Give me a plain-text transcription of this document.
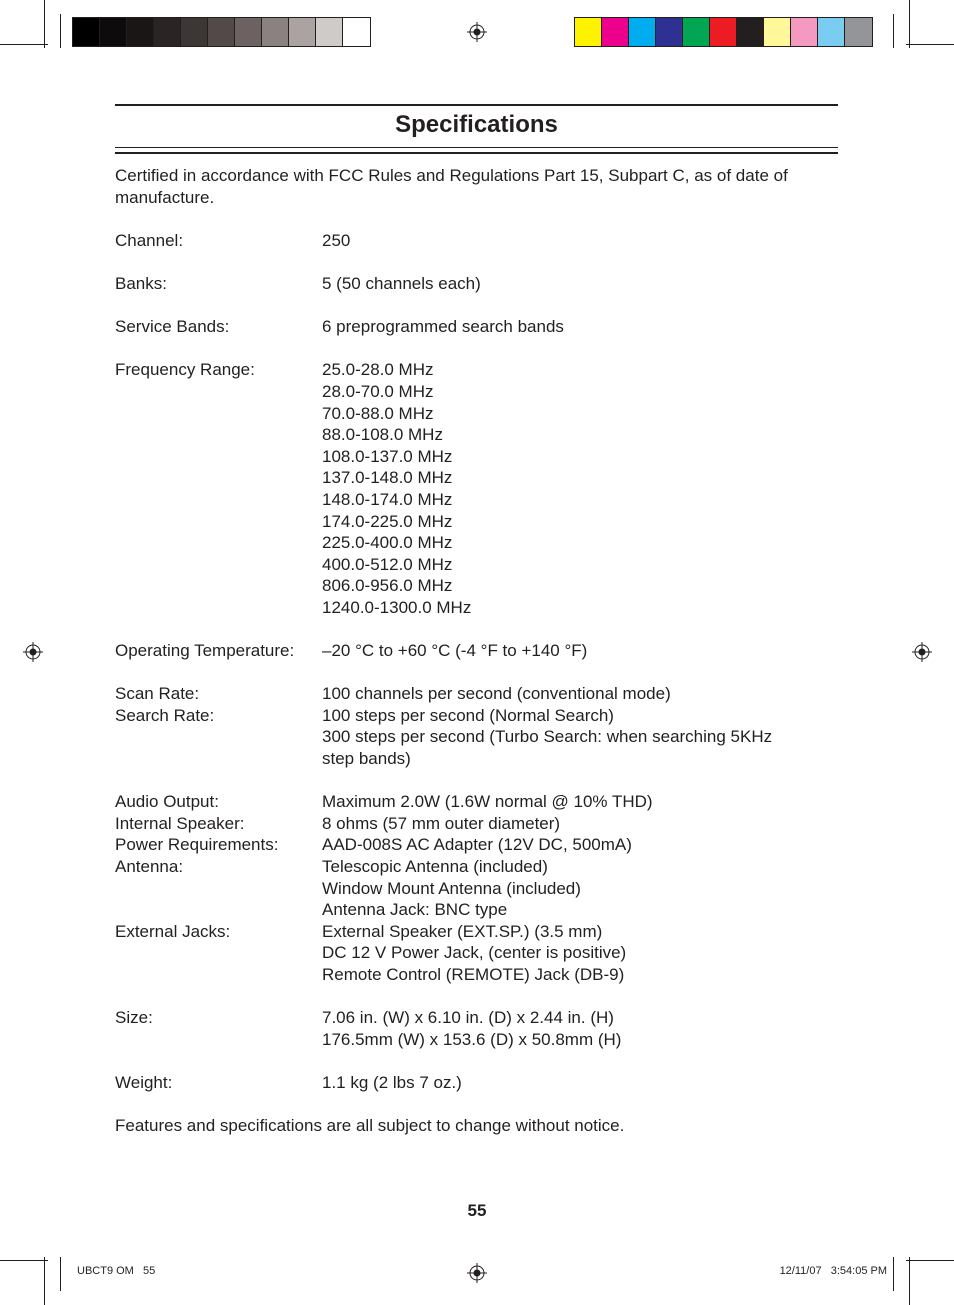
Specifications

Certified in accordance with FCC Rules and Regulations Part 15, Subpart C, as of date of manufacture.

Channel:	250
Banks:	5 (50 channels each)
Service Bands:	6 preprogrammed search bands
Frequency Range:	25.0-28.0 MHz
28.0-70.0 MHz
70.0-88.0 MHz
88.0-108.0 MHz
108.0-137.0 MHz
137.0-148.0 MHz
148.0-174.0 MHz
174.0-225.0 MHz
225.0-400.0 MHz
400.0-512.0 MHz
806.0-956.0 MHz
1240.0-1300.0 MHz
Operating Temperature:	–20 °C to +60 °C (-4 °F to +140 °F)
Scan Rate:	100 channels per second (conventional mode)
Search Rate:	100 steps per second (Normal Search)
300 steps per second (Turbo Search: when searching 5KHz
step bands)
Audio Output:	Maximum 2.0W (1.6W normal @ 10% THD)
Internal Speaker:	8 ohms (57 mm outer diameter)
Power Requirements:	AAD-008S AC Adapter (12V DC, 500mA)
Antenna:	Telescopic Antenna (included)
Window Mount Antenna (included)
Antenna Jack: BNC type
External Jacks:	External Speaker (EXT.SP.) (3.5 mm)
DC 12 V Power Jack, (center is positive)
Remote Control (REMOTE) Jack (DB-9)
Size:	7.06 in. (W) x 6.10 in. (D) x 2.44 in. (H)
176.5mm (W) x 153.6 (D) x 50.8mm (H)
Weight:	1.1 kg (2 lbs 7 oz.)

Features and specifications are all subject to change without notice.

55
UBCT9 OM   55	12/11/07   3:54:05 PM
